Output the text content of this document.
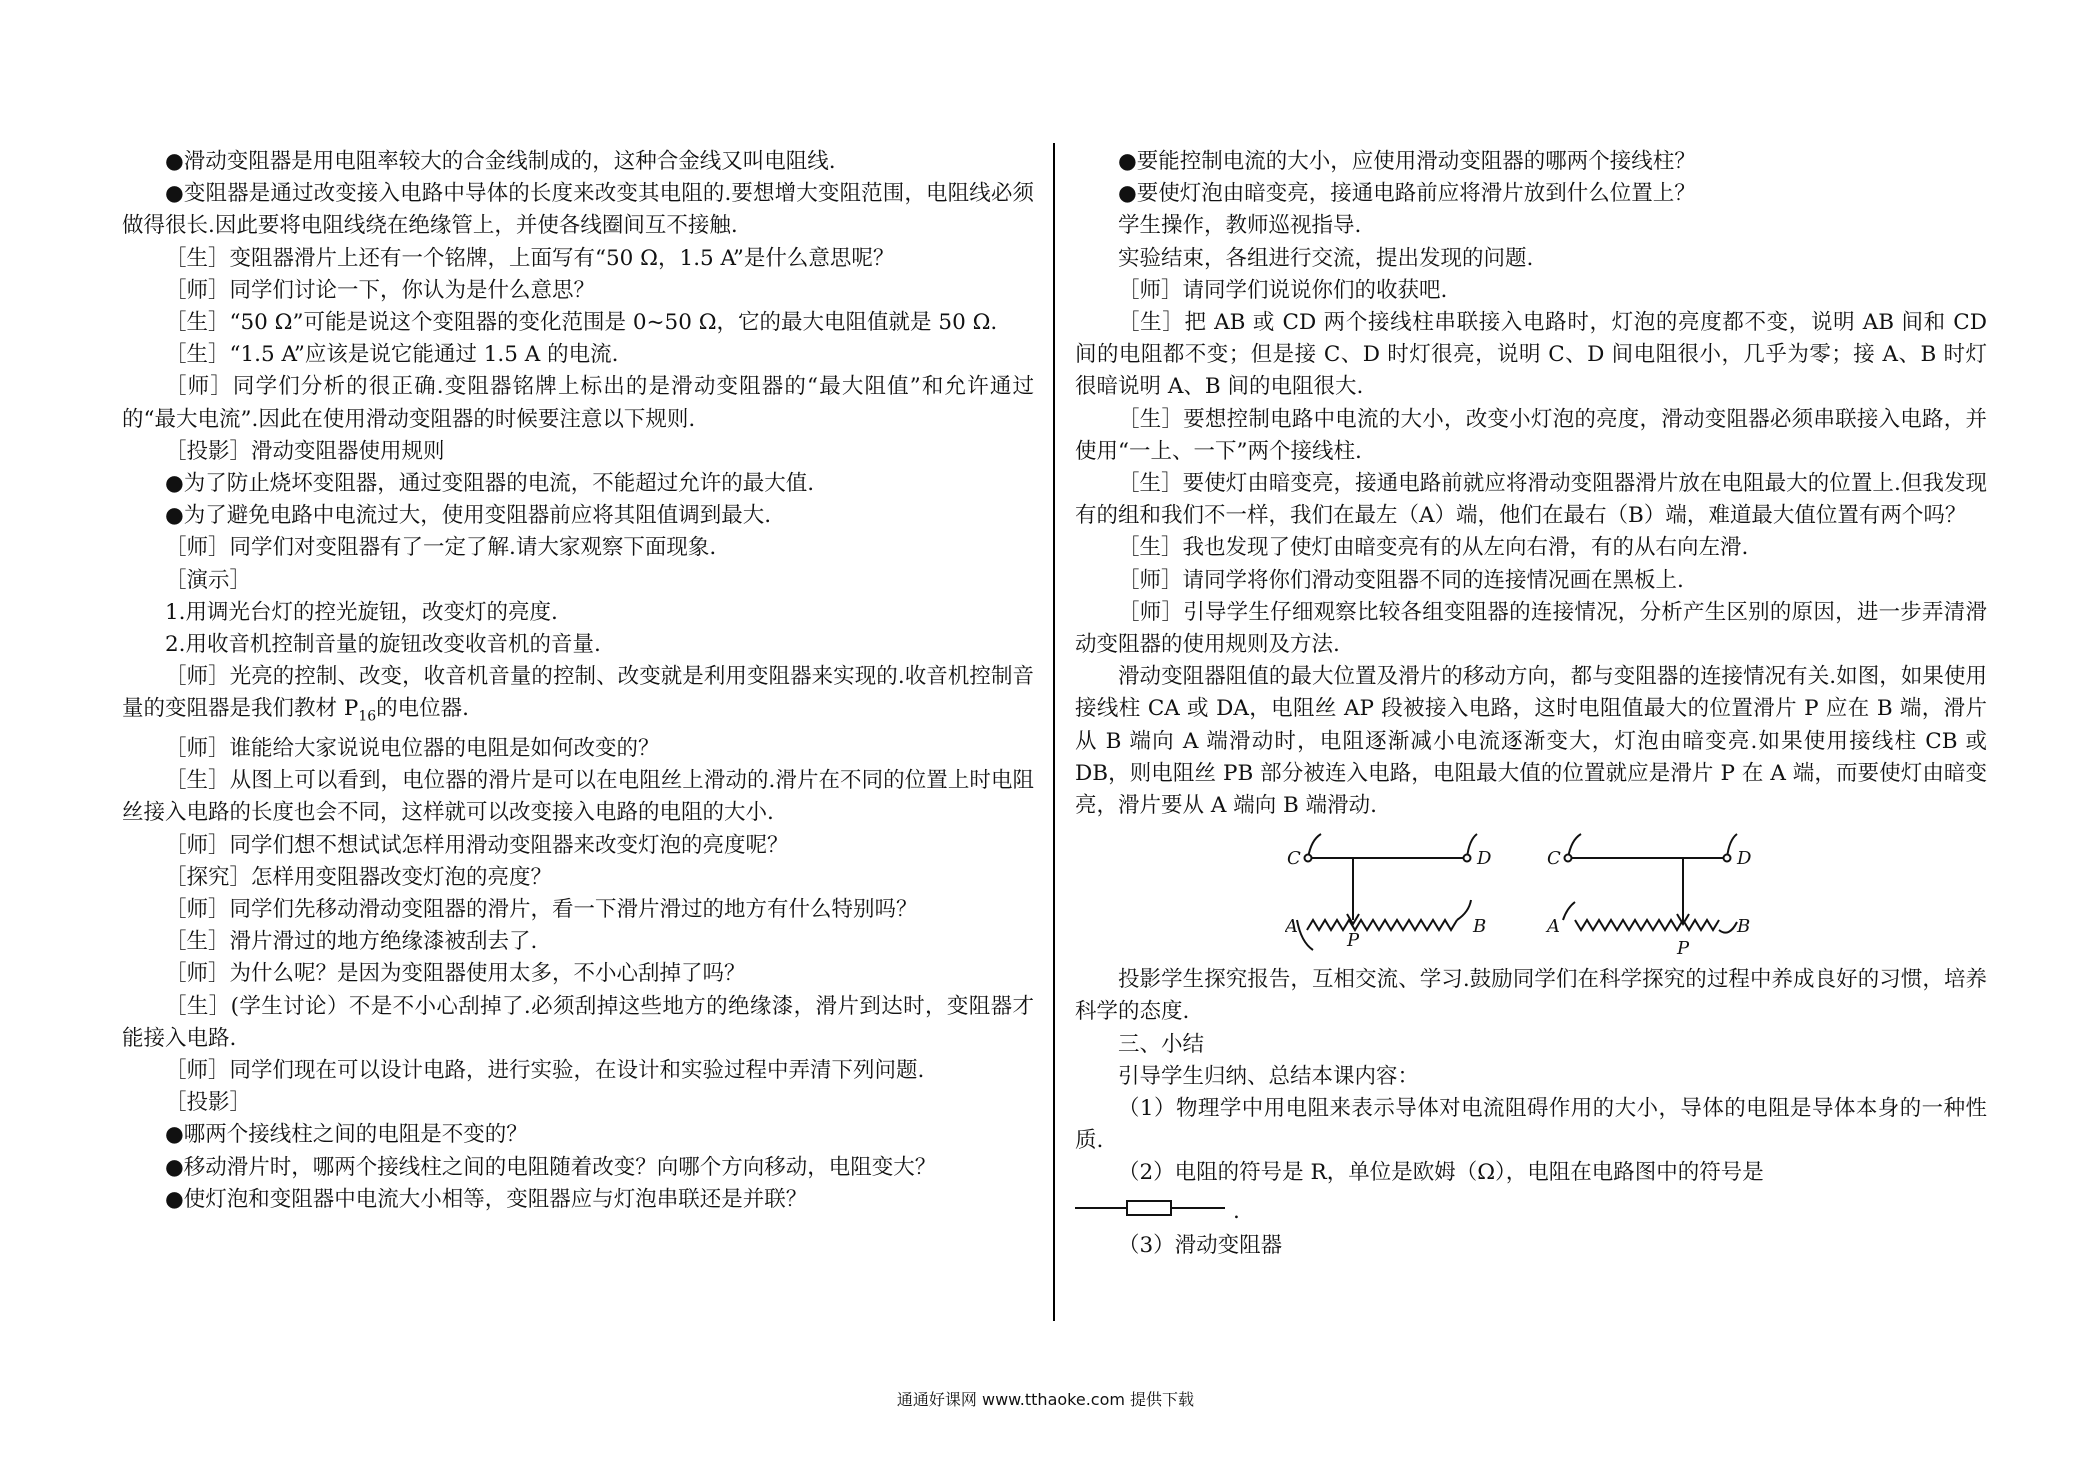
●滑动变阻器是用电阻率较大的合金线制成的，这种合金线又叫电阻线.

●变阻器是通过改变接入电路中导体的长度来改变其电阻的.要想增大变阻范围，电阻线必须做得很长.因此要将电阻线绕在绝缘管上，并使各线圈间互不接触.

［生］变阻器滑片上还有一个铭牌，上面写有“50 Ω，1.5 A”是什么意思呢？

［师］同学们讨论一下，你认为是什么意思？

［生］“50 Ω”可能是说这个变阻器的变化范围是 0~50 Ω，它的最大电阻值就是 50 Ω.

［生］“1.5 A”应该是说它能通过 1.5 A 的电流.

［师］同学们分析的很正确.变阻器铭牌上标出的是滑动变阻器的“最大阻值”和允许通过的“最大电流”.因此在使用滑动变阻器的时候要注意以下规则.

［投影］滑动变阻器使用规则

●为了防止烧坏变阻器，通过变阻器的电流，不能超过允许的最大值.

●为了避免电路中电流过大，使用变阻器前应将其阻值调到最大.

［师］同学们对变阻器有了一定了解.请大家观察下面现象.

［演示］

1.用调光台灯的控光旋钮，改变灯的亮度.

2.用收音机控制音量的旋钮改变收音机的音量.

［师］光亮的控制、改变，收音机音量的控制、改变就是利用变阻器来实现的.收音机控制音量的变阻器是我们教材 $P_{16}$的电位器.

［师］谁能给大家说说电位器的电阻是如何改变的？

［生］从图上可以看到，电位器的滑片是可以在电阻丝上滑动的.滑片在不同的位置上时电阻丝接入电路的长度也会不同，这样就可以改变接入电路的电阻的大小.

［师］同学们想不想试试怎样用滑动变阻器来改变灯泡的亮度呢？

［探究］怎样用变阻器改变灯泡的亮度？

［师］同学们先移动滑动变阻器的滑片，看一下滑片滑过的地方有什么特别吗？

［生］滑片滑过的地方绝缘漆被刮去了.

［师］为什么呢？是因为变阻器使用太多，不小心刮掉了吗？

［生］(学生讨论）不是不小心刮掉了.必须刮掉这些地方的绝缘漆，滑片到达时，变阻器才能接入电路.

［师］同学们现在可以设计电路，进行实验，在设计和实验过程中弄清下列问题.

［投影］

●哪两个接线柱之间的电阻是不变的？

●移动滑片时，哪两个接线柱之间的电阻随着改变？向哪个方向移动，电阻变大？

●使灯泡和变阻器中电流大小相等，变阻器应与灯泡串联还是并联？

●要能控制电流的大小，应使用滑动变阻器的哪两个接线柱？

●要使灯泡由暗变亮，接通电路前应将滑片放到什么位置上？

学生操作，教师巡视指导.

实验结束，各组进行交流，提出发现的问题.

［师］请同学们说说你们的收获吧.

［生］把 AB 或 CD 两个接线柱串联接入电路时，灯泡的亮度都不变，说明 AB 间和 CD 间的电阻都不变；但是接 C、D 时灯很亮，说明 C、D 间电阻很小，几乎为零；接 A、B 时灯很暗说明 A、B 间的电阻很大.

［生］要想控制电路中电流的大小，改变小灯泡的亮度，滑动变阻器必须串联接入电路，并使用“一上、一下”两个接线柱.

［生］要使灯由暗变亮，接通电路前就应将滑动变阻器滑片放在电阻最大的位置上.但我发现有的组和我们不一样，我们在最左（A）端，他们在最右（B）端，难道最大值位置有两个吗？

［生］我也发现了使灯由暗变亮有的从左向右滑，有的从右向左滑.

［师］请同学将你们滑动变阻器不同的连接情况画在黑板上.

［师］引导学生仔细观察比较各组变阻器的连接情况，分析产生区别的原因，进一步弄清滑动变阻器的使用规则及方法.

滑动变阻器阻值的最大位置及滑片的移动方向，都与变阻器的连接情况有关.如图，如果使用接线柱 CA 或 DA，电阻丝 AP 段被接入电路，这时电阻值最大的位置滑片 P 应在 B 端，滑片从 B 端向 A 端滑动时，电阻逐渐减小电流逐渐变大，灯泡由暗变亮.如果使用接线柱 CB 或 DB，则电阻丝 PB 部分被连入电路，电阻最大值的位置就应是滑片 P 在 A 端，而要使灯由暗变亮，滑片要从 A 端向 B 端滑动.

C	D
A	B
P
C	D
A	B
P

投影学生探究报告，互相交流、学习.鼓励同学们在科学探究的过程中养成良好的习惯，培养科学的态度.

三、小结

引导学生归纳、总结本课内容：

（1）物理学中用电阻来表示导体对电流阻碍作用的大小，导体的电阻是导体本身的一种性质.

（2）电阻的符号是 R，单位是欧姆（Ω），电阻在电路图中的符号是

.

（3）滑动变阻器

通通好课网 www.tthaoke.com 提供下载
